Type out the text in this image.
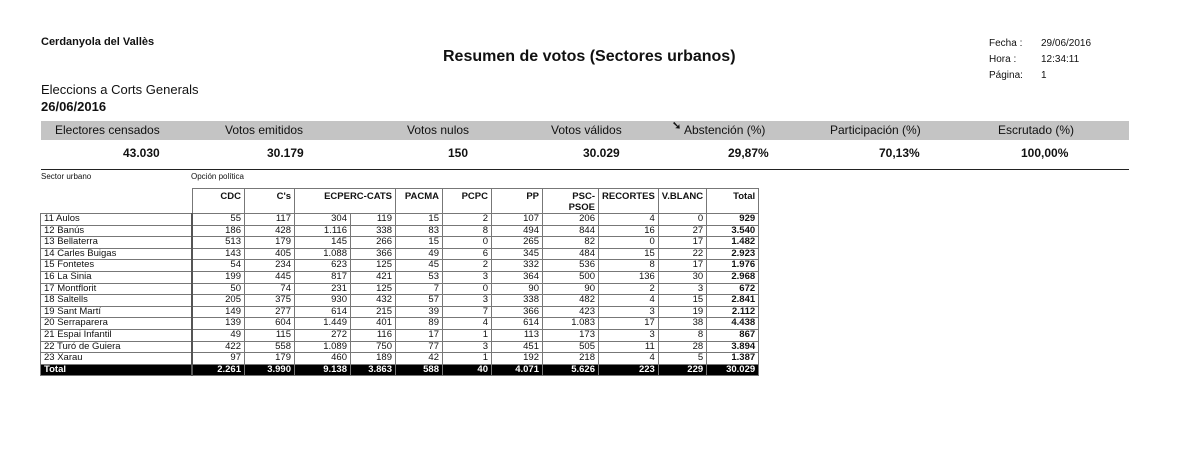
Cerdanyola del Vallès
Resumen de votos (Sectores urbanos)
Fecha :	29/06/2016
Hora :	12:34:11
Página:	1
Eleccions a Corts Generals
26/06/2016
Electores censados	Votos emitidos	Votos nulos	Votos válidos	Abstención (%)	Participación (%)	Escrutado (%)
43.030	30.179	150	30.029	29,87%	70,13%	100,00%
➘
Sector urbano	Opción política
	CDC	C's	ECPERC-CATS		PACMA	PCPC	PP	PSC-PSOE	RECORTES	V.BLANC	Total
11 Aulos	55	117	304	119	15	2	107	206	4	0	929
12 Banús	186	428	1.116	338	83	8	494	844	16	27	3.540
13 Bellaterra	513	179	145	266	15	0	265	82	0	17	1.482
14 Carles Buigas	143	405	1.088	366	49	6	345	484	15	22	2.923
15 Fontetes	54	234	623	125	45	2	332	536	8	17	1.976
16 La Sinia	199	445	817	421	53	3	364	500	136	30	2.968
17 Montflorit	50	74	231	125	7	0	90	90	2	3	672
18 Saltells	205	375	930	432	57	3	338	482	4	15	2.841
19 Sant Martí	149	277	614	215	39	7	366	423	3	19	2.112
20 Serraparera	139	604	1.449	401	89	4	614	1.083	17	38	4.438
21 Espai Infantil	49	115	272	116	17	1	113	173	3	8	867
22 Turó de Guiera	422	558	1.089	750	77	3	451	505	11	28	3.894
23 Xarau	97	179	460	189	42	1	192	218	4	5	1.387
Total	2.261	3.990	9.138	3.863	588	40	4.071	5.626	223	229	30.029
